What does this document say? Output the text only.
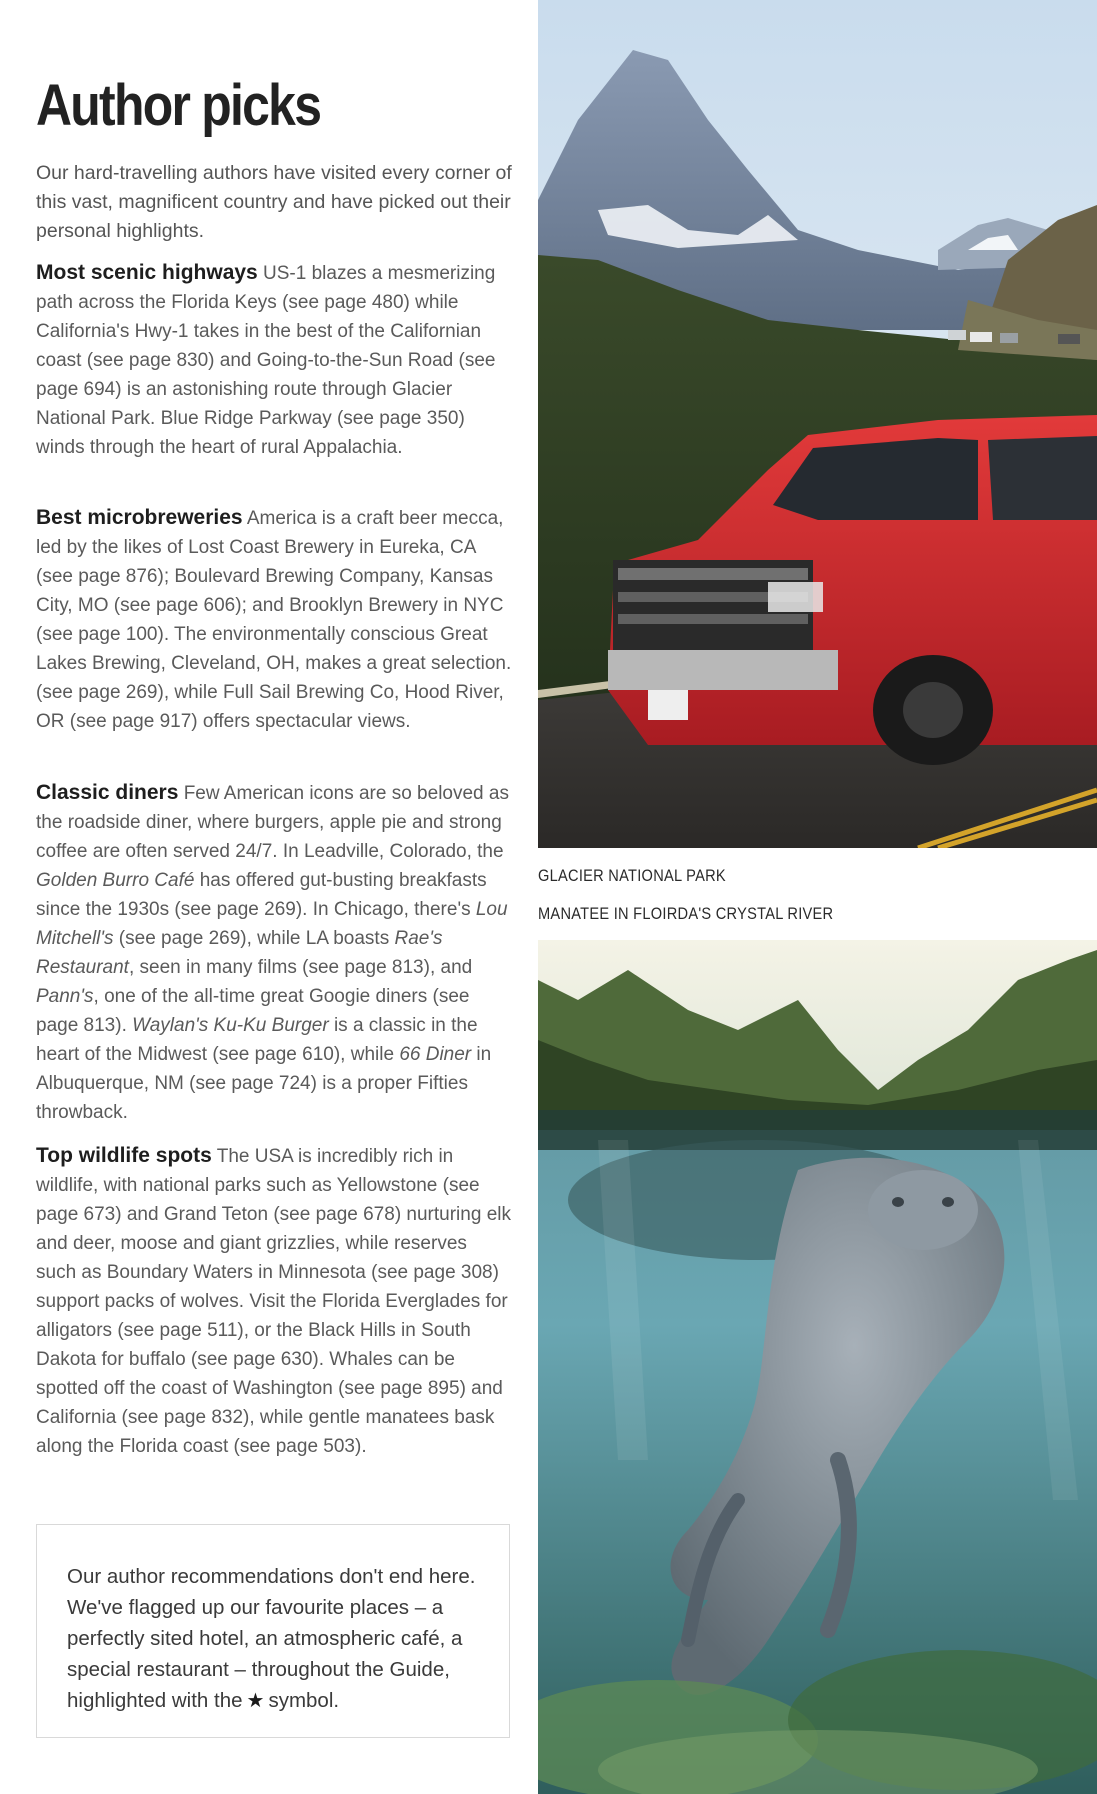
Author picks

Our hard-travelling authors have visited every corner of this vast, magnificent country and have picked out their personal highlights.

Most scenic highways US-1 blazes a mesmerizing path across the Florida Keys (see page 480) while California's Hwy-1 takes in the best of the Californian coast (see page 830) and Going-to-the-Sun Road (see page 694) is an astonishing route through Glacier National Park. Blue Ridge Parkway (see page 350) winds through the heart of rural Appalachia.

Best microbreweries America is a craft beer mecca, led by the likes of Lost Coast Brewery in Eureka, CA (see page 876); Boulevard Brewing Company, Kansas City, MO (see page 606); and Brooklyn Brewery in NYC (see page 100). The environmentally conscious Great Lakes Brewing, Cleveland, OH, makes a great selection. (see page 269), while Full Sail Brewing Co, Hood River, OR (see page 917) offers spectacular views.

Classic diners Few American icons are so beloved as the roadside diner, where burgers, apple pie and strong coffee are often served 24/7. In Leadville, Colorado, the Golden Burro Café has offered gut-busting breakfasts since the 1930s (see page 269). In Chicago, there's Lou Mitchell's (see page 269), while LA boasts Rae's Restaurant, seen in many films (see page 813), and Pann's, one of the all-time great Googie diners (see page 813). Waylan's Ku-Ku Burger is a classic in the heart of the Midwest (see page 610), while 66 Diner in Albuquerque, NM (see page 724) is a proper Fifties throwback.

Top wildlife spots The USA is incredibly rich in wildlife, with national parks such as Yellowstone (see page 673) and Grand Teton (see page 678) nurturing elk and deer, moose and giant grizzlies, while reserves such as Boundary Waters in Minnesota (see page 308) support packs of wolves. Visit the Florida Everglades for alligators (see page 511), or the Black Hills in South Dakota for buffalo (see page 630). Whales can be spotted off the coast of Washington (see page 895) and California (see page 832), while gentle manatees bask along the Florida coast (see page 503).

Our author recommendations don't end here. We've flagged up our favourite places – a perfectly sited hotel, an atmospheric café, a special restaurant – throughout the Guide, highlighted with the ★ symbol.

GLACIER NATIONAL PARK

MANATEE IN FLOIRDA'S CRYSTAL RIVER
